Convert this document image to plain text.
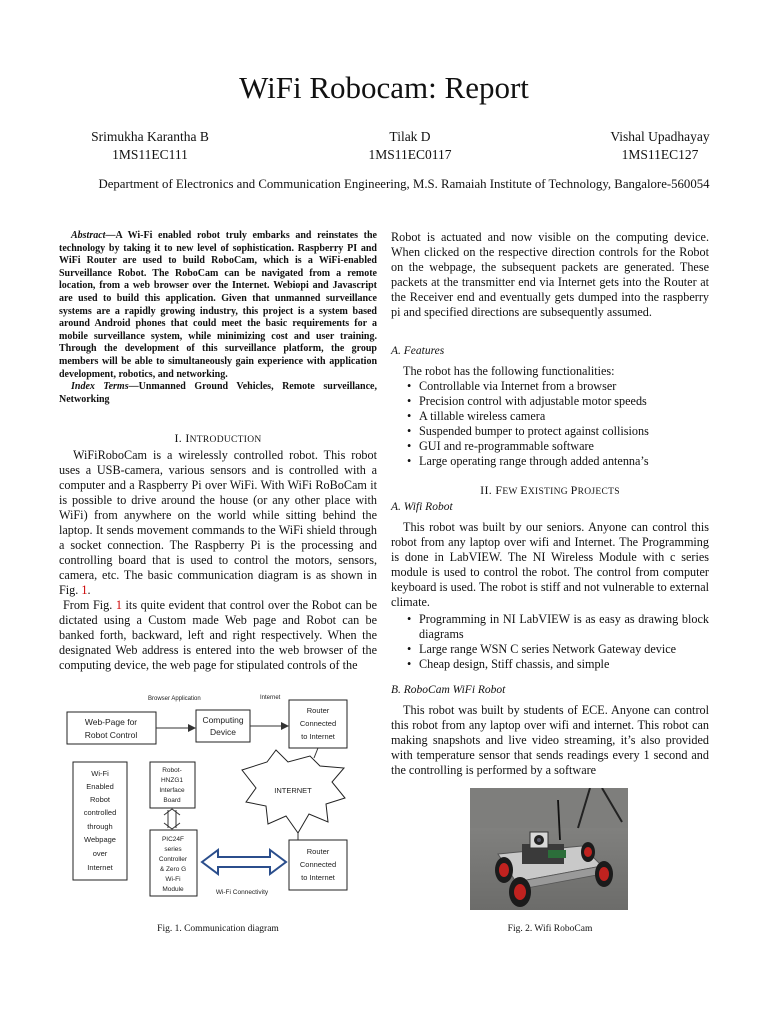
WiFi Robocam: Report
Srimukha Karantha B
1MS11EC111
Tilak D
1MS11EC0117
Vishal Upadhayay
1MS11EC127
Department of Electronics and Communication Engineering, M.S. Ramaiah Institute of Technology, Bangalore-560054

Abstract—A Wi-Fi enabled robot truly embarks and reinstates the technology by taking it to new level of sophistication. Raspberry PI and WiFi Router are used to build RoboCam, which is a WiFi-enabled Surveillance Robot. The RoboCam can be navigated from a remote location, from a web browser over the Internet. Webiopi and Javascript are used to build this application. Given that unmanned surveillance systems are a rapidly growing industry, this project is a system based around Android phones that could meet the basic requirements for a mobile surveillance system, while minimizing cost and user training. Through the development of this surveillance platform, the group members will be able to simultaneously gain experience with application development, robotics, and networking.

Index Terms—Unmanned Ground Vehicles, Remote surveillance, Networking

I. INTRODUCTION

WiFiRoboCam is a wirelessly controlled robot. This robot uses a USB-camera, various sensors and is controlled with a computer and a Raspberry Pi over WiFi. With WiFi RoBoCam it is possible to drive around the house (or any other place with WiFi) from anywhere on the world while sitting behind the laptop. It sends movement commands to the WiFi shield through a socket connection. The Raspberry Pi is the processing and controlling board that is used to control the motors, sensors, camera, etc. The basic communication diagram is as shown in Fig. 1.

From Fig. 1 its quite evident that control over the Robot can be dictated using a Custom made Web page and Robot can be banked forth, backward, left and right respectively. When the designated Web address is entered into the web browser of the computing device, the web page for stipulated controls of the

Browser Application	Internet
Web-Page for
Robot Control
Computing
Device
Router
Connected
to Internet
Wi-Fi
Enabled
Robot
controlled
through
Webpage
over
Internet
Robot-
HNZG1
Interface
Board
PIC24F
series
Controller
& Zero G
Wi-Fi
Module
INTERNET
Router
Connected
to Internet
Wi-Fi Connectivity
Fig. 1. Communication diagram
Robot is actuated and now visible on the computing device. When clicked on the respective direction controls for the Robot on the webpage, the subsequent packets are generated. These packets at the transmitter end via Internet gets into the Router at the Receiver end and eventually gets dumped into the raspberry pi and specified directions are subsequently assumed.
A. Features

The robot has the following functionalities:

• Controllable via Internet from a browser
• Precision control with adjustable motor speeds
• A tillable wireless camera
• Suspended bumper to protect against collisions
• GUI and re-programmable software
• Large operating range through added antenna’s
II. FEW EXISTING PROJECTS
A. Wifi Robot

This robot was built by our seniors. Anyone can control this robot from any laptop over wifi and Internet. The Programming is done in LabVIEW. The NI Wireless Module with c series module is used to control the robot. The control from computer keyboard is used. The robot is stiff and not vulnerable to external climate.

• Programming in NI LabVIEW is as easy as drawing block diagrams
• Large range WSN C series Network Gateway device
• Cheap design, Stiff chassis, and simple
B. RoboCam WiFi Robot

This robot was built by students of ECE. Anyone can control this robot from any laptop over wifi and internet. This robot can making snapshots and live video streaming, it’s also provided with temperature sensor that sends readings every 1 second and the controlling is performed by a software

Fig. 2. Wifi RoboCam
